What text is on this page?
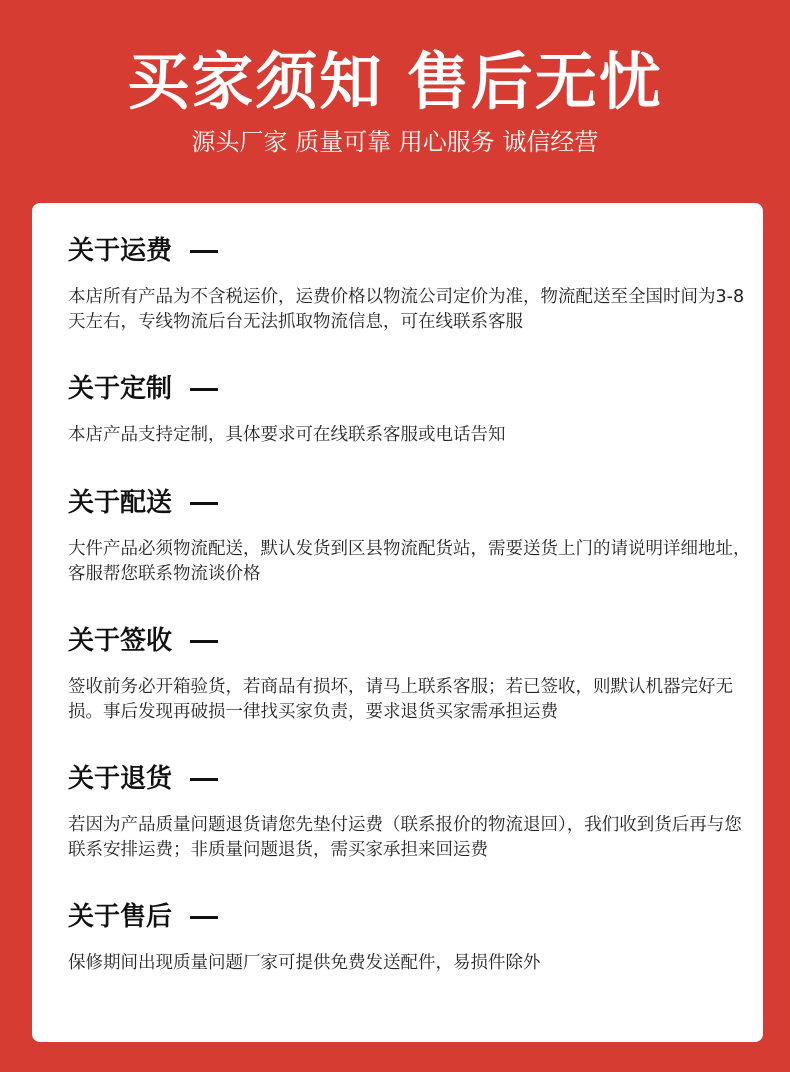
买家须知 售后无忧
源头厂家 质量可靠 用心服务 诚信经营
关于运费
本店所有产品为不含税运价，运费价格以物流公司定价为准，物流配送至全国时间为3-8天左右，专线物流后台无法抓取物流信息，可在线联系客服
关于定制
本店产品支持定制，具体要求可在线联系客服或电话告知
关于配送
大件产品必须物流配送，默认发货到区县物流配货站，需要送货上门的请说明详细地址，客服帮您联系物流谈价格
关于签收
签收前务必开箱验货，若商品有损坏，请马上联系客服；若已签收，则默认机器完好无损。事后发现再破损一律找买家负责，要求退货买家需承担运费
关于退货
若因为产品质量问题退货请您先垫付运费（联系报价的物流退回），我们收到货后再与您联系安排运费；非质量问题退货，需买家承担来回运费
关于售后
保修期间出现质量问题厂家可提供免费发送配件，易损件除外
